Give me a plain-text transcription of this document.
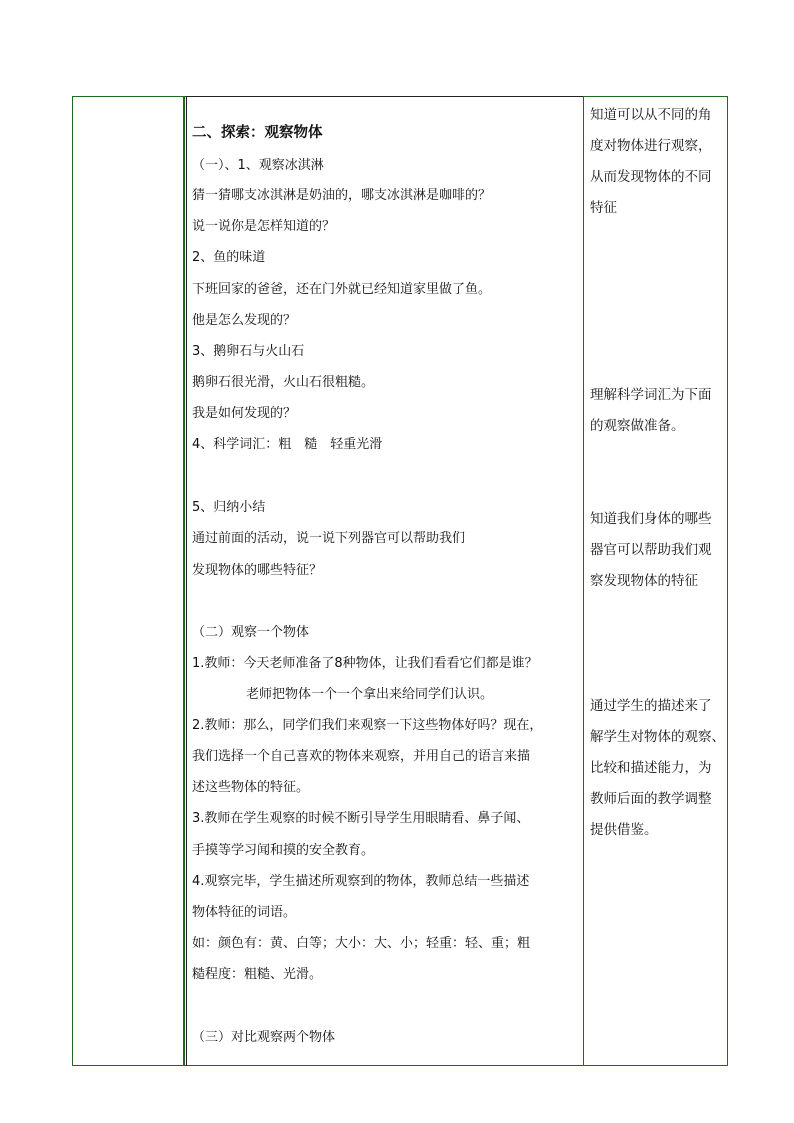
二、探索：观察物体
（一）、1、观察冰淇淋
猜一猜哪支冰淇淋是奶油的，哪支冰淇淋是咖啡的？
说一说你是怎样知道的？
2、鱼的味道
下班回家的爸爸，还在门外就已经知道家里做了鱼。
他是怎么发现的？
3、鹅卵石与火山石
鹅卵石很光滑，火山石很粗糙。
我是如何发现的？
4、科学词汇：粗　糙　轻重光滑
5、归纳小结
通过前面的活动，说一说下列器官可以帮助我们
发现物体的哪些特征？
（二）观察一个物体
1.教师：今天老师准备了8种物体，让我们看看它们都是谁？
老师把物体一个一个拿出来给同学们认识。
2.教师：那么，同学们我们来观察一下这些物体好吗？现在，
我们选择一个自己喜欢的物体来观察，并用自己的语言来描
述这些物体的特征。
3.教师在学生观察的时候不断引导学生用眼睛看、鼻子闻、
手摸等学习闻和摸的安全教育。
4.观察完毕，学生描述所观察到的物体，教师总结一些描述
物体特征的词语。
如：颜色有：黄、白等；大小：大、小；轻重：轻、重；粗
糙程度：粗糙、光滑。
（三）对比观察两个物体
知道可以从不同的角
度对物体进行观察，
从而发现物体的不同
特征
理解科学词汇为下面
的观察做准备。
知道我们身体的哪些
器官可以帮助我们观
察发现物体的特征
通过学生的描述来了
解学生对物体的观察、
比较和描述能力，为
教师后面的教学调整
提供借鉴。
